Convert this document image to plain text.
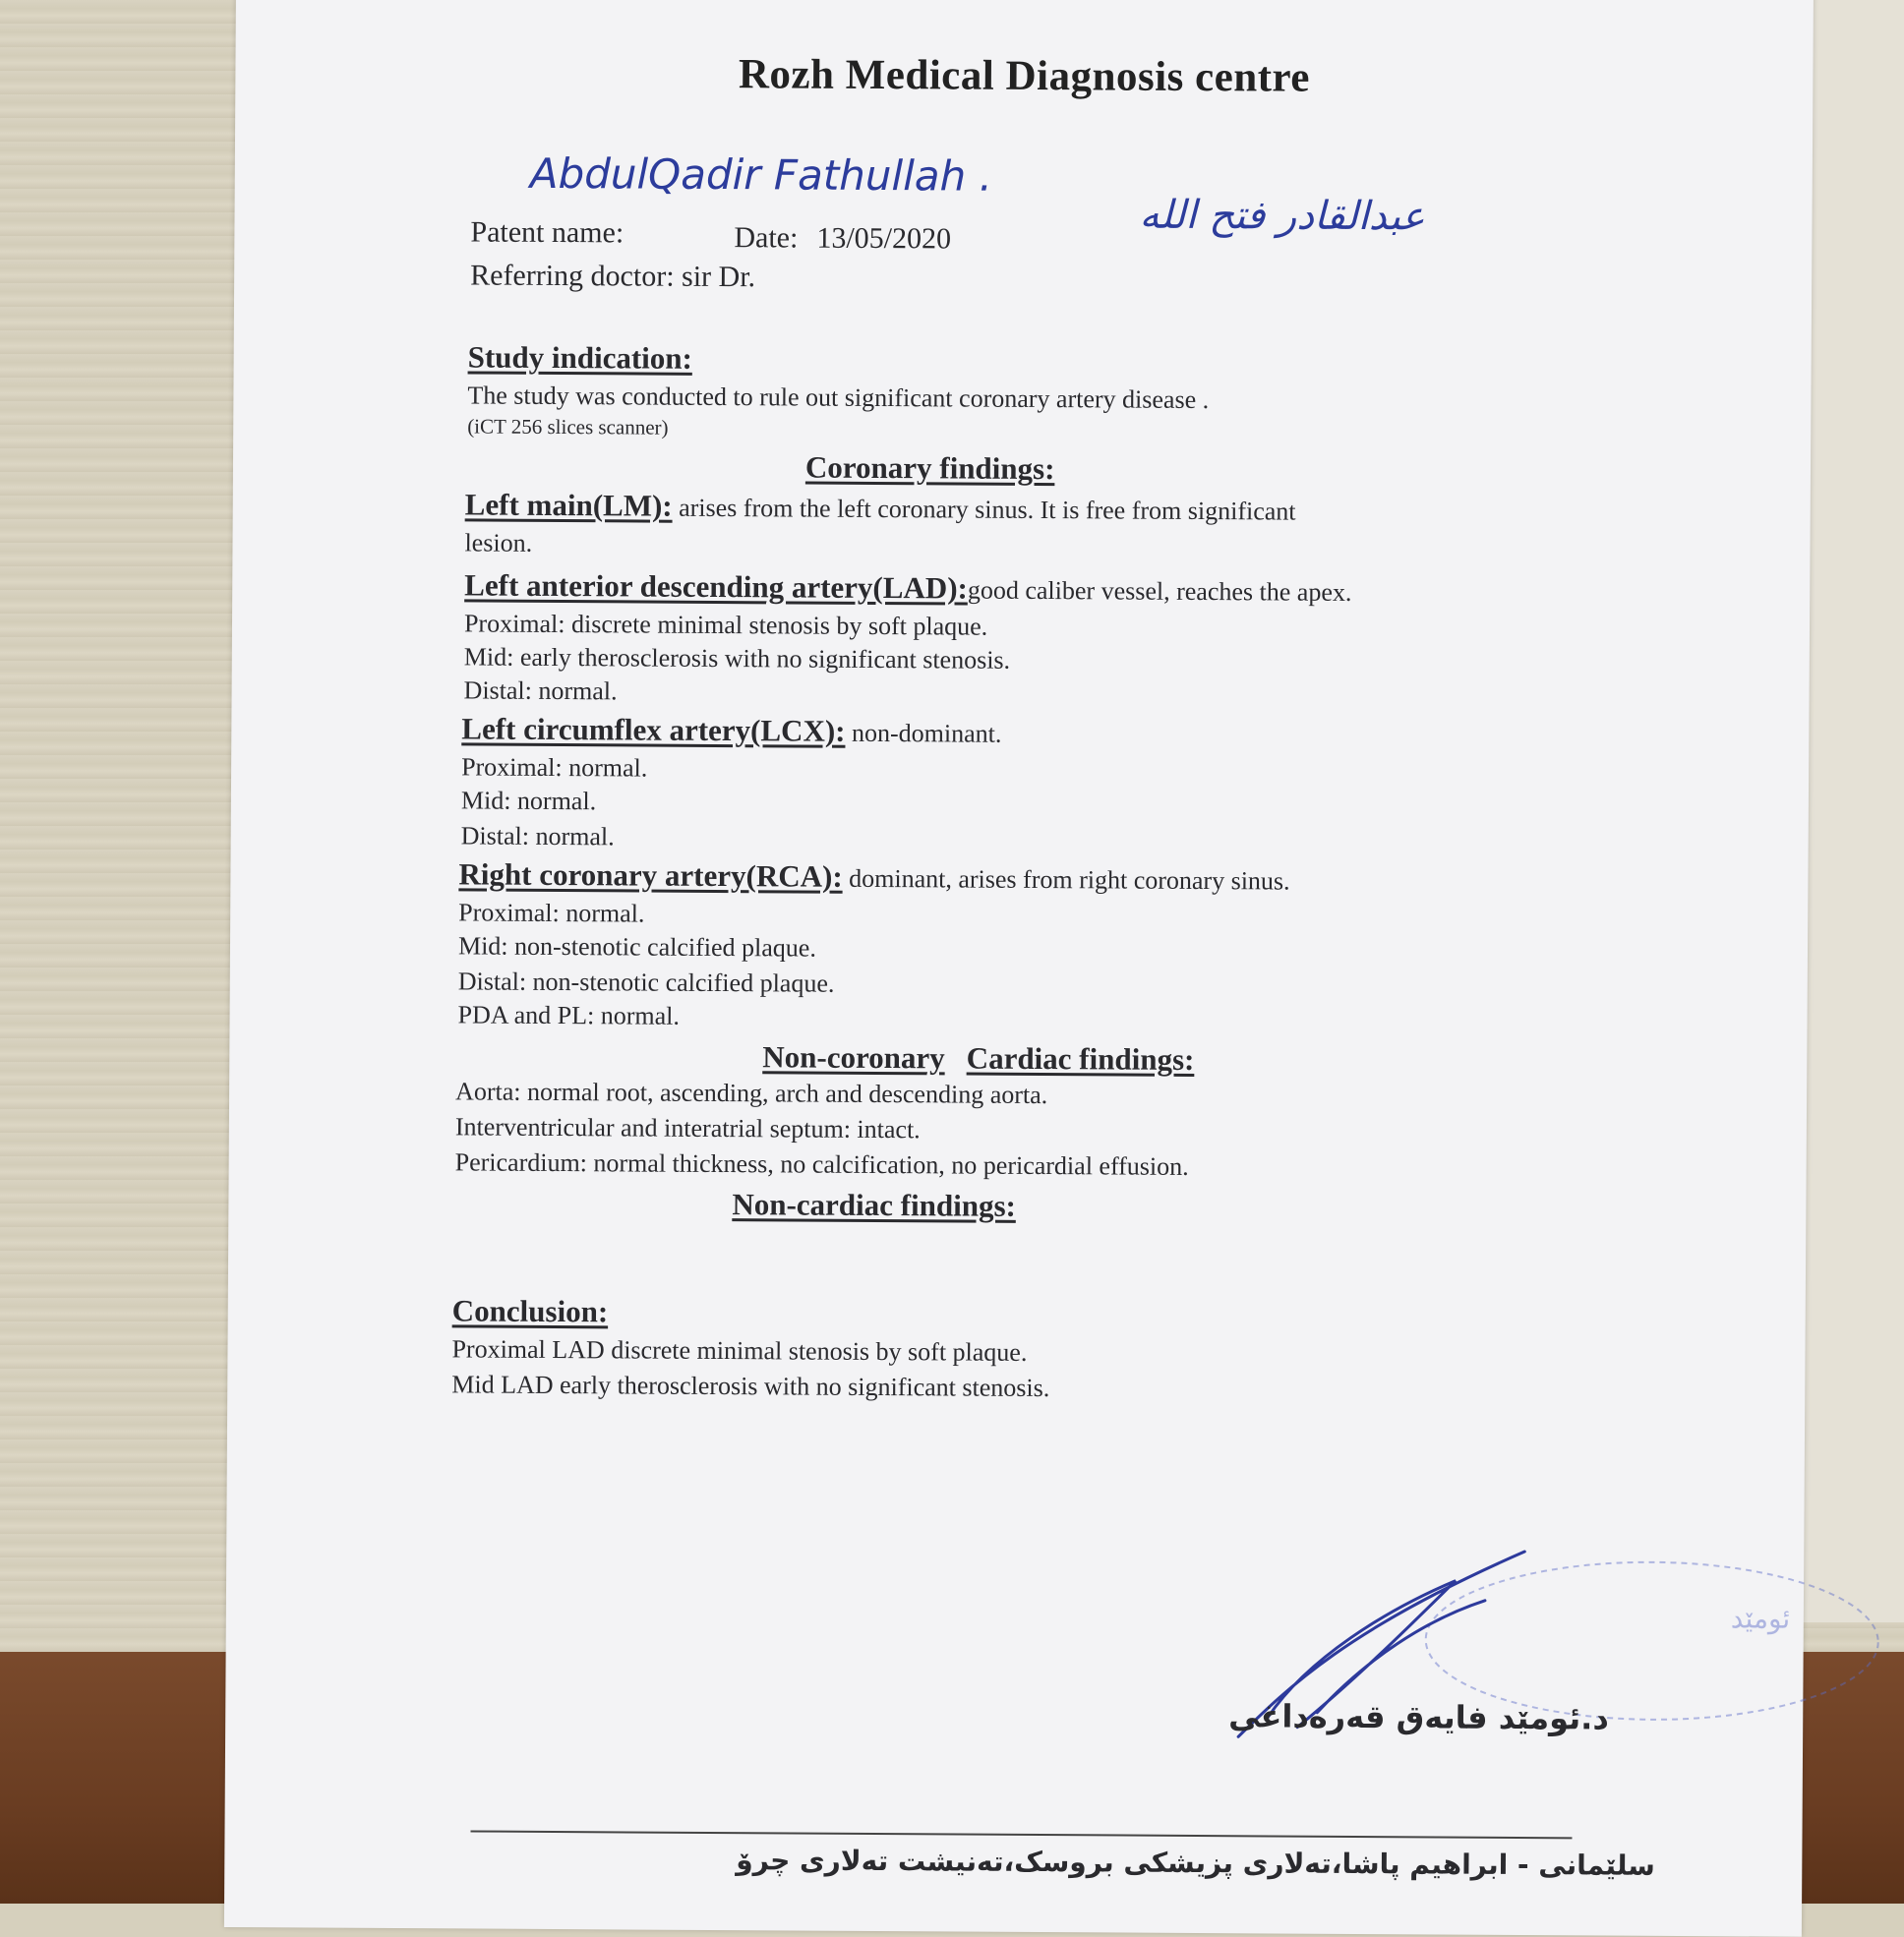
Rozh Medical Diagnosis centre
AbdulQadir Fathullah .
عبدالقادر فتح الله
Patent name:	Date: 13/05/2020
Referring doctor: sir Dr.
Study indication:
The study was conducted to rule out significant coronary artery disease .
(iCT 256 slices scanner)
Coronary findings:
Left main(LM): arises from the left coronary sinus. It is free from significant
lesion.
Left anterior descending artery(LAD):good caliber vessel, reaches the apex.
Proximal: discrete minimal stenosis by soft plaque.
Mid: early therosclerosis with no significant stenosis.
Distal: normal.
Left circumflex artery(LCX): non-dominant.
Proximal: normal.
Mid: normal.
Distal: normal.
Right coronary artery(RCA): dominant, arises from right coronary sinus.
Proximal: normal.
Mid: non-stenotic calcified plaque.
Distal: non-stenotic calcified plaque.
PDA and PL: normal.
Non-coronary Cardiac findings:
Aorta: normal root, ascending, arch and descending aorta.
Interventricular and interatrial septum: intact.
Pericardium: normal thickness, no calcification, no pericardial effusion.
Non-cardiac findings:
Conclusion:
Proximal LAD discrete minimal stenosis by soft plaque.
Mid LAD early therosclerosis with no significant stenosis.
ئومێد
د.ئومێد فایەق قەرەداغی
سلێمانی - ابراهیم پاشا،تەلاری پزیشکی بروسک،تەنیشت تەلاری چرۆ
